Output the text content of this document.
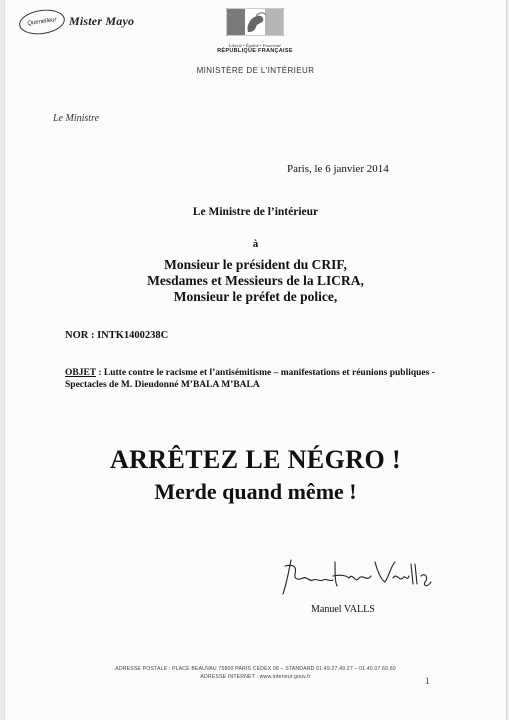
Quenelleur Mister Mayo
Liberté • Égalité • Fraternité
RÉPUBLIQUE FRANÇAISE
MINISTÈRE DE L'INTÉRIEUR
Le Ministre
Paris, le 6 janvier 2014
Le Ministre de l’intérieur
à
Monsieur le président du CRIF,
Mesdames et Messieurs de la LICRA,
Monsieur le préfet de police,
NOR : INTK1400238C
OBJET : Lutte contre le racisme et l’antisémitisme – manifestations et réunions publiques - Spectacles de M. Dieudonné M’BALA M’BALA
ARRÊTEZ LE NÉGRO !
Merde quand même !
Manuel VALLS
ADRESSE POSTALE : PLACE BEAUVAU 75800 PARIS CEDEX 08 – STANDARD 01.49.27.49.27 – 01.40.07.60.60
ADRESSE INTERNET : www.interieur.gouv.fr	1
